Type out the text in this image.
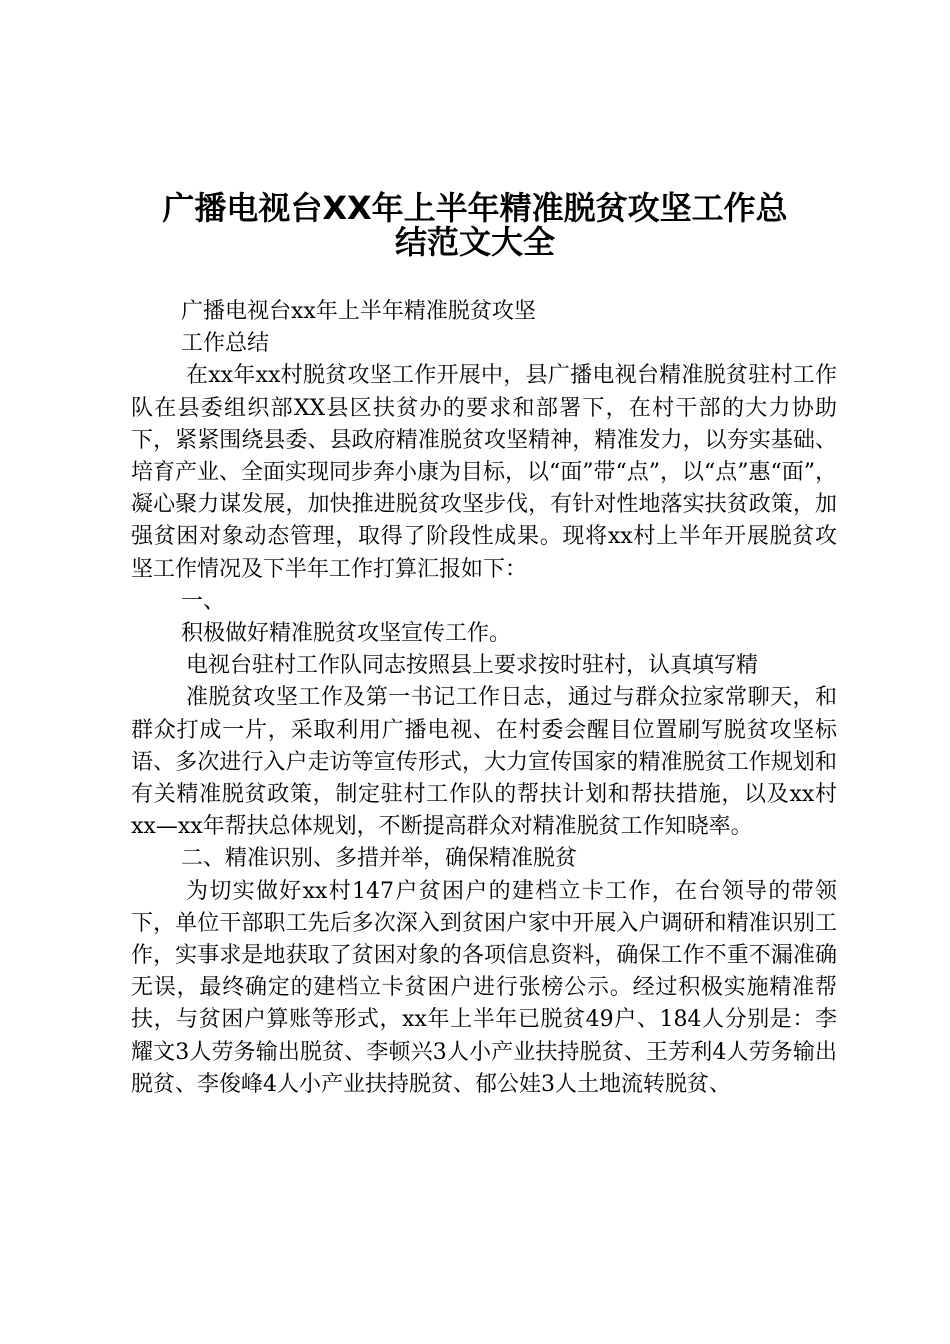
广播电视台XX年上半年精准脱贫攻坚工作总
结范文大全

广播电视台xx年上半年精准脱贫攻坚

工作总结

在xx年xx村脱贫攻坚工作开展中，县广播电视台精准脱贫驻村工作队在县委组织部XX县区扶贫办的要求和部署下，在村干部的大力协助下，紧紧围绕县委、县政府精准脱贫攻坚精神，精准发力，以夯实基础、培育产业、全面实现同步奔小康为目标，以“面”带“点”，以“点”惠“面”，凝心聚力谋发展，加快推进脱贫攻坚步伐，有针对性地落实扶贫政策，加强贫困对象动态管理，取得了阶段性成果。现将xx村上半年开展脱贫攻坚工作情况及下半年工作打算汇报如下：

一、

积极做好精准脱贫攻坚宣传工作。

电视台驻村工作队同志按照县上要求按时驻村，认真填写精

准脱贫攻坚工作及第一书记工作日志，通过与群众拉家常聊天，和群众打成一片，采取利用广播电视、在村委会醒目位置刷写脱贫攻坚标语、多次进行入户走访等宣传形式，大力宣传国家的精准脱贫工作规划和有关精准脱贫政策，制定驻村工作队的帮扶计划和帮扶措施，以及xx村xx—xx年帮扶总体规划，不断提高群众对精准脱贫工作知晓率。

二、精准识别、多措并举，确保精准脱贫

为切实做好xx村147户贫困户的建档立卡工作，在台领导的带领下，单位干部职工先后多次深入到贫困户家中开展入户调研和精准识别工作，实事求是地获取了贫困对象的各项信息资料，确保工作不重不漏准确无误，最终确定的建档立卡贫困户进行张榜公示。经过积极实施精准帮扶，与贫困户算账等形式，xx年上半年已脱贫49户、184人分别是：李耀文3人劳务输出脱贫、李顿兴3人小产业扶持脱贫、王芳利4人劳务输出脱贫、李俊峰4人小产业扶持脱贫、郁公娃3人土地流转脱贫、
